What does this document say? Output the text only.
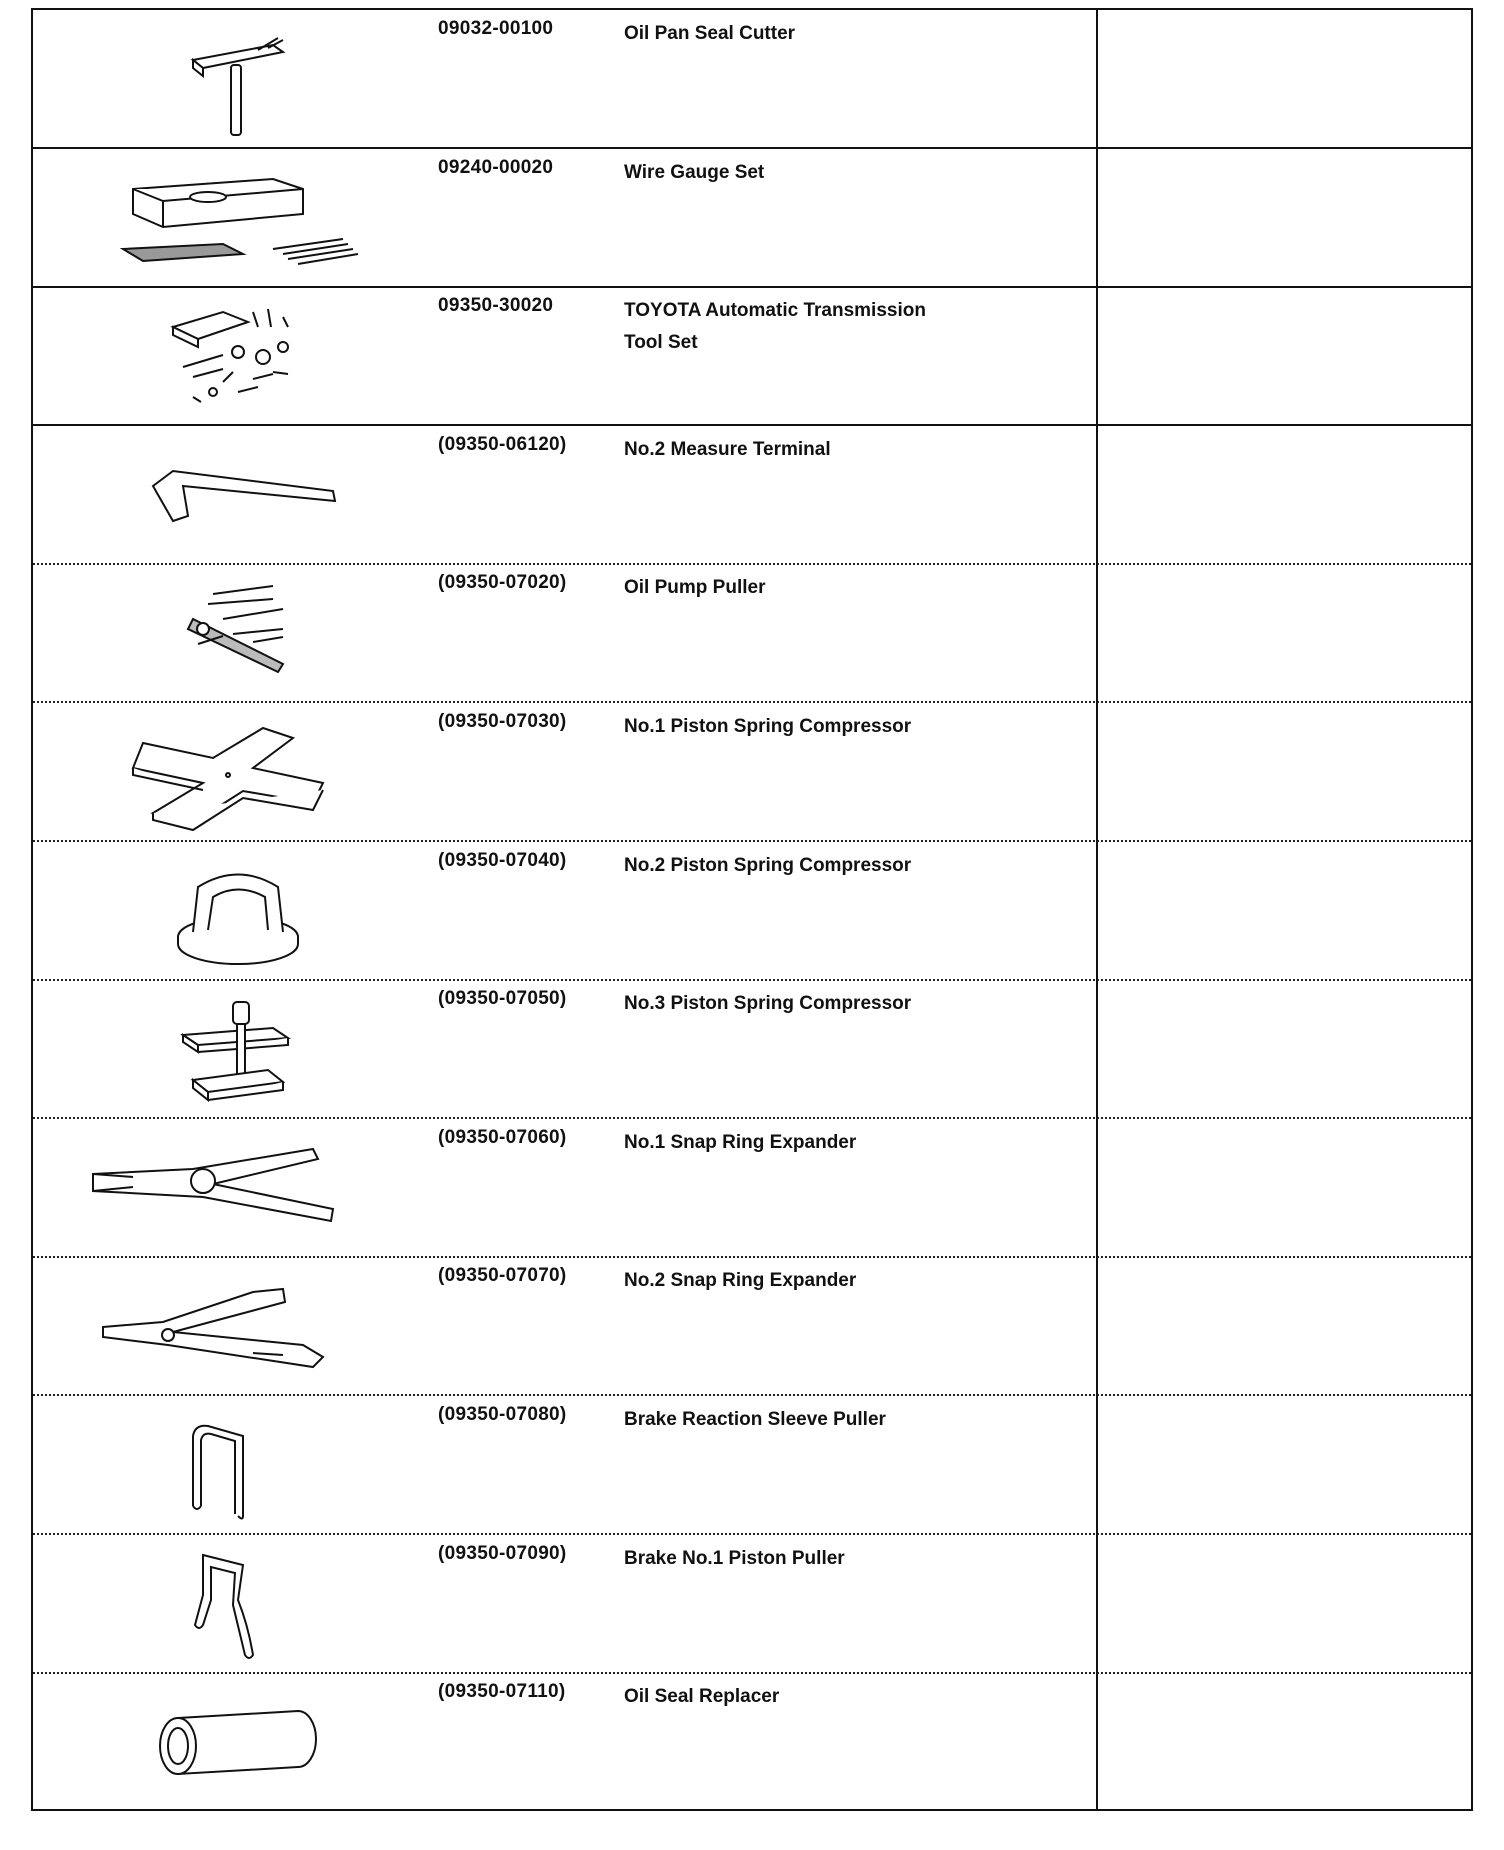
09032-00100	Oil Pan Seal Cutter
09240-00020	Wire Gauge Set
09350-30020	TOYOTA Automatic Transmission
Tool Set
(09350-06120)	No.2 Measure Terminal
(09350-07020)	Oil Pump Puller
(09350-07030)	No.1 Piston Spring Compressor
(09350-07040)	No.2 Piston Spring Compressor
(09350-07050)	No.3 Piston Spring Compressor
(09350-07060)	No.1 Snap Ring Expander
(09350-07070)	No.2 Snap Ring Expander
(09350-07080)	Brake Reaction Sleeve Puller
(09350-07090)	Brake No.1 Piston Puller
(09350-07110)	Oil Seal Replacer
